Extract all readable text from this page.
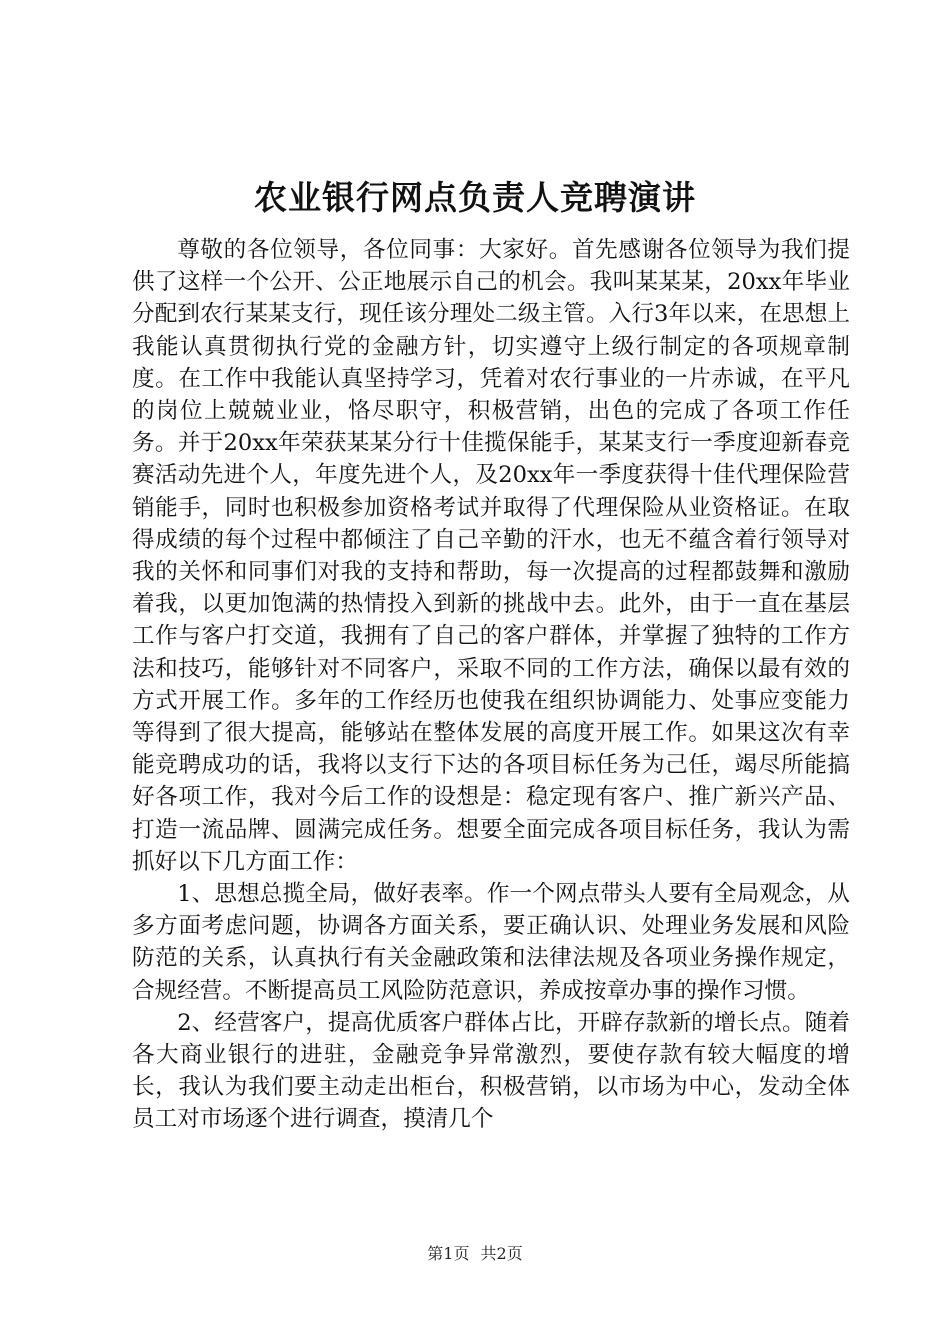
农业银行网点负责人竞聘演讲

尊敬的各位领导，各位同事：大家好。首先感谢各位领导为我们提供了这样一个公开、公正地展示自己的机会。我叫某某某，20xx年毕业分配到农行某某支行，现任该分理处二级主管。入行3年以来，在思想上我能认真贯彻执行党的金融方针，切实遵守上级行制定的各项规章制度。在工作中我能认真坚持学习，凭着对农行事业的一片赤诚，在平凡的岗位上兢兢业业，恪尽职守，积极营销，出色的完成了各项工作任务。并于20xx年荣获某某分行十佳揽保能手，某某支行一季度迎新春竞赛活动先进个人，年度先进个人，及20xx年一季度获得十佳代理保险营销能手，同时也积极参加资格考试并取得了代理保险从业资格证。在取得成绩的每个过程中都倾注了自己辛勤的汗水，也无不蕴含着行领导对我的关怀和同事们对我的支持和帮助，每一次提高的过程都鼓舞和激励着我，以更加饱满的热情投入到新的挑战中去。此外，由于一直在基层工作与客户打交道，我拥有了自己的客户群体，并掌握了独特的工作方法和技巧，能够针对不同客户，采取不同的工作方法，确保以最有效的方式开展工作。多年的工作经历也使我在组织协调能力、处事应变能力等得到了很大提高，能够站在整体发展的高度开展工作。如果这次有幸能竞聘成功的话，我将以支行下达的各项目标任务为己任，竭尽所能搞好各项工作，我对今后工作的设想是：稳定现有客户、推广新兴产品、打造一流品牌、圆满完成任务。想要全面完成各项目标任务，我认为需抓好以下几方面工作：

1、思想总揽全局，做好表率。作一个网点带头人要有全局观念，从多方面考虑问题，协调各方面关系，要正确认识、处理业务发展和风险防范的关系，认真执行有关金融政策和法律法规及各项业务操作规定，合规经营。不断提高员工风险防范意识，养成按章办事的操作习惯。

2、经营客户，提高优质客户群体占比，开辟存款新的增长点。随着各大商业银行的进驻，金融竞争异常激烈，要使存款有较大幅度的增长，我认为我们要主动走出柜台，积极营销，以市场为中心，发动全体员工对市场逐个进行调查，摸清几个

第1页 共2页
